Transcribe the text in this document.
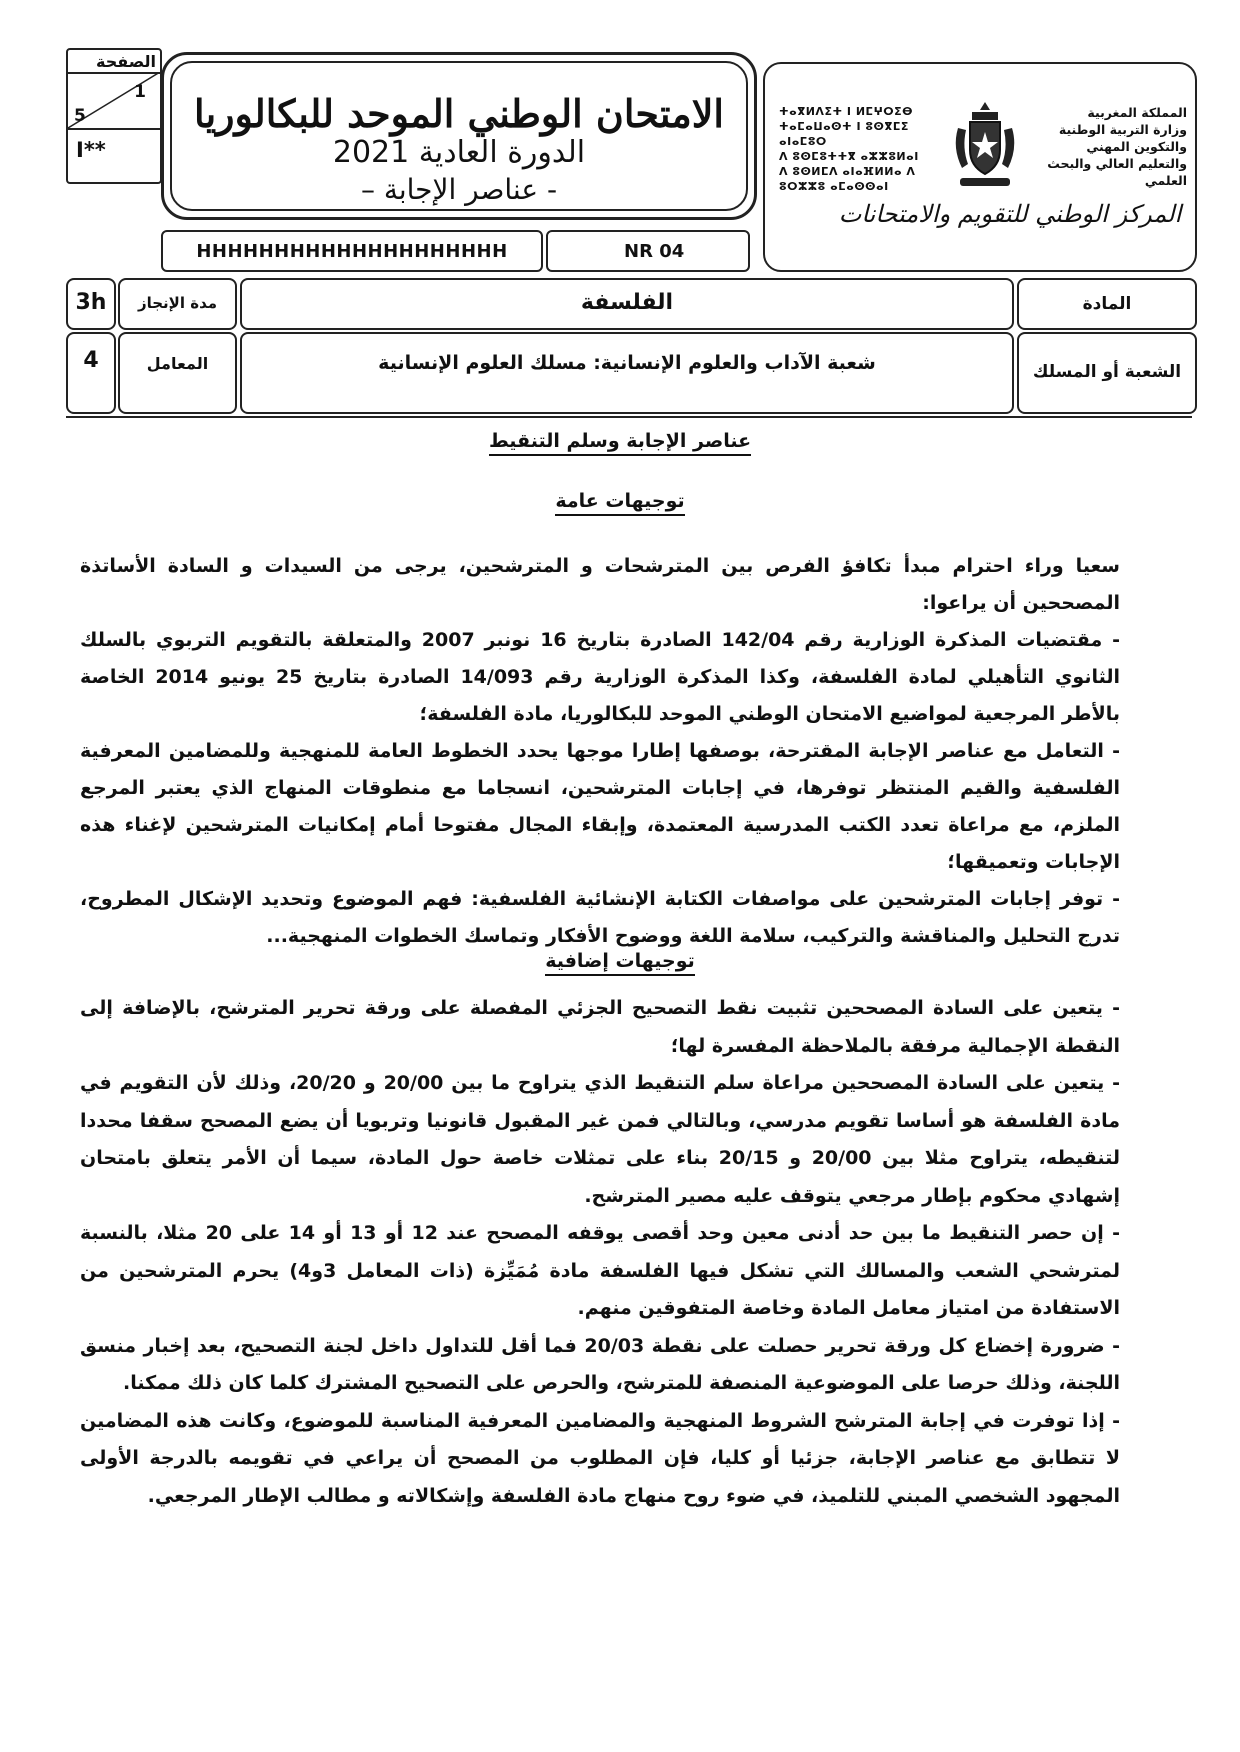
الصفحة
1
5
I**
الامتحان الوطني الموحد للبكالوريا
الدورة العادية 2021
- عناصر الإجابة –
HHHHHHHHHHHHHHHHHHHH	NR 04
المملكة المغربية
وزارة التربية الوطنية
والتكوين المهني
والتعليم العالي والبحث العلمي
ⵜⴰⴳⵍⴷⵉⵜ ⵏ ⵍⵎⵖⵔⵉⴱ
ⵜⴰⵎⴰⵡⴰⵙⵜ ⵏ ⵓⵙⴳⵎⵉ ⴰⵏⴰⵎⵓⵔ
ⴷ ⵓⵙⵎⵓⵜⵜⴳ ⴰⵣⵣⵓⵍⴰⵏ
ⴷ ⵓⵙⵍⵎⴷ ⴰⵏⴰⴼⵍⵍⴰ ⴷ ⵓⵔⵣⵣⵓ ⴰⵎⴰⵙⵙⴰⵏ
المركز الوطني للتقويم والامتحانات
المادة
الفلسفة
مدة الإنجاز
3h
الشعبة أو المسلك
شعبة الآداب والعلوم الإنسانية: مسلك العلوم الإنسانية
المعامل
4
عناصر الإجابة وسلم التنقيط
توجيهات عامة

سعيا وراء احترام مبدأ تكافؤ الفرص بين المترشحات و المترشحين، يرجى من السيدات و السادة الأساتذة المصححين أن يراعوا:

- مقتضيات المذكرة الوزارية رقم 142/04 الصادرة بتاريخ 16 نونبر 2007 والمتعلقة بالتقويم التربوي بالسلك الثانوي التأهيلي لمادة الفلسفة، وكذا المذكرة الوزارية رقم 14/093 الصادرة بتاريخ 25 يونيو 2014 الخاصة بالأطر المرجعية لمواضيع الامتحان الوطني الموحد للبكالوريا، مادة الفلسفة؛

- التعامل مع عناصر الإجابة المقترحة، بوصفها إطارا موجها يحدد الخطوط العامة للمنهجية وللمضامين المعرفية الفلسفية والقيم المنتظر توفرها، في إجابات المترشحين، انسجاما مع منطوقات المنهاج الذي يعتبر المرجع الملزم، مع مراعاة تعدد الكتب المدرسية المعتمدة، وإبقاء المجال مفتوحا أمام إمكانيات المترشحين لإغناء هذه الإجابات وتعميقها؛

- توفر إجابات المترشحين على مواصفات الكتابة الإنشائية الفلسفية: فهم الموضوع وتحديد الإشكال المطروح، تدرج التحليل والمناقشة والتركيب، سلامة اللغة ووضوح الأفكار وتماسك الخطوات المنهجية...

توجيهات إضافية

- يتعين على السادة المصححين تثبيت نقط التصحيح الجزئي المفصلة على ورقة تحرير المترشح، بالإضافة إلى النقطة الإجمالية مرفقة بالملاحظة المفسرة لها؛

- يتعين على السادة المصححين مراعاة سلم التنقيط الذي يتراوح ما بين 20/00 و 20/20، وذلك لأن التقويم في مادة الفلسفة هو أساسا تقويم مدرسي، وبالتالي فمن غير المقبول قانونيا وتربويا أن يضع المصحح سقفا محددا لتنقيطه، يتراوح مثلا بين 20/00 و 20/15 بناء على تمثلات خاصة حول المادة، سيما أن الأمر يتعلق بامتحان إشهادي محكوم بإطار مرجعي يتوقف عليه مصير المترشح.

- إن حصر التنقيط ما بين حد أدنى معين وحد أقصى يوقفه المصحح عند 12 أو 13 أو 14 على 20 مثلا، بالنسبة لمترشحي الشعب والمسالك التي تشكل فيها الفلسفة مادة مُمَيِّزة (ذات المعامل 3و4) يحرم المترشحين من الاستفادة من امتياز معامل المادة وخاصة المتفوقين منهم.

- ضرورة إخضاع كل ورقة تحرير حصلت على نقطة 20/03 فما أقل للتداول داخل لجنة التصحيح، بعد إخبار منسق اللجنة، وذلك حرصا على الموضوعية المنصفة للمترشح، والحرص على التصحيح المشترك كلما كان ذلك ممكنا.

- إذا توفرت في إجابة المترشح الشروط المنهجية والمضامين المعرفية المناسبة للموضوع، وكانت هذه المضامين لا تتطابق مع عناصر الإجابة، جزئيا أو كليا، فإن المطلوب من المصحح أن يراعي في تقويمه بالدرجة الأولى المجهود الشخصي المبني للتلميذ، في ضوء روح منهاج مادة الفلسفة وإشكالاته و مطالب الإطار المرجعي.
